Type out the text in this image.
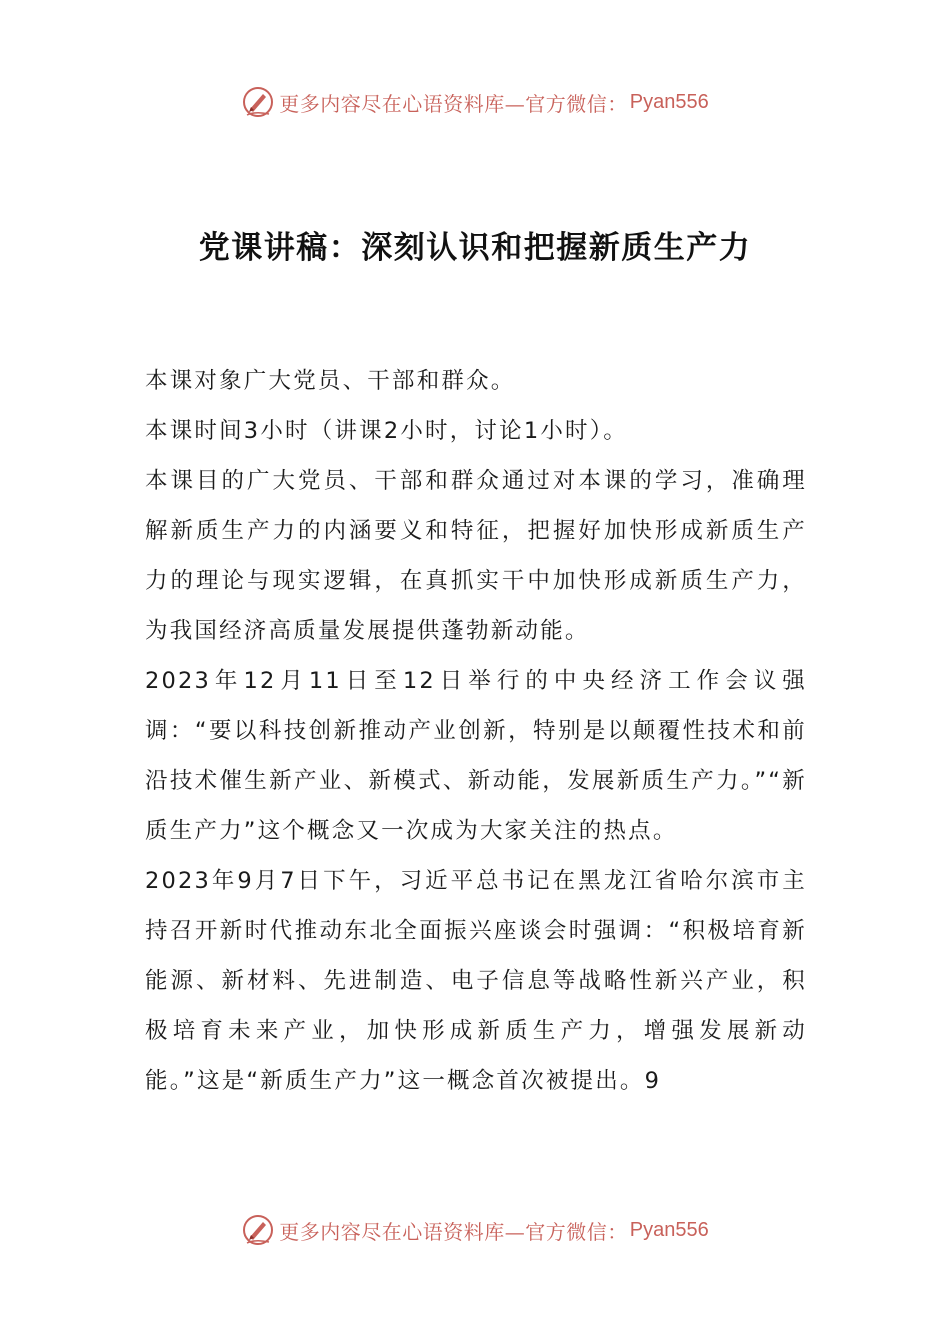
更多内容尽在心语资料库—官方微信： Pyan556
党课讲稿：深刻认识和把握新质生产力

本课对象广大党员、干部和群众。

本课时间3小时（讲课2小时，讨论1小时）。

本课目的广大党员、干部和群众通过对本课的学习，准确理解新质生产力的内涵要义和特征，把握好加快形成新质生产力的理论与现实逻辑，在真抓实干中加快形成新质生产力，为我国经济高质量发展提供蓬勃新动能。

2023年12月11日至12日举行的中央经济工作会议强调：“要以科技创新推动产业创新，特别是以颠覆性技术和前沿技术催生新产业、新模式、新动能，发展新质生产力。”“新质生产力”这个概念又一次成为大家关注的热点。

2023年9月7日下午，习近平总书记在黑龙江省哈尔滨市主持召开新时代推动东北全面振兴座谈会时强调：“积极培育新能源、新材料、先进制造、电子信息等战略性新兴产业，积极培育未来产业，加快形成新质生产力，增强发展新动能。”这是“新质生产力”这一概念首次被提出。9

更多内容尽在心语资料库—官方微信： Pyan556
